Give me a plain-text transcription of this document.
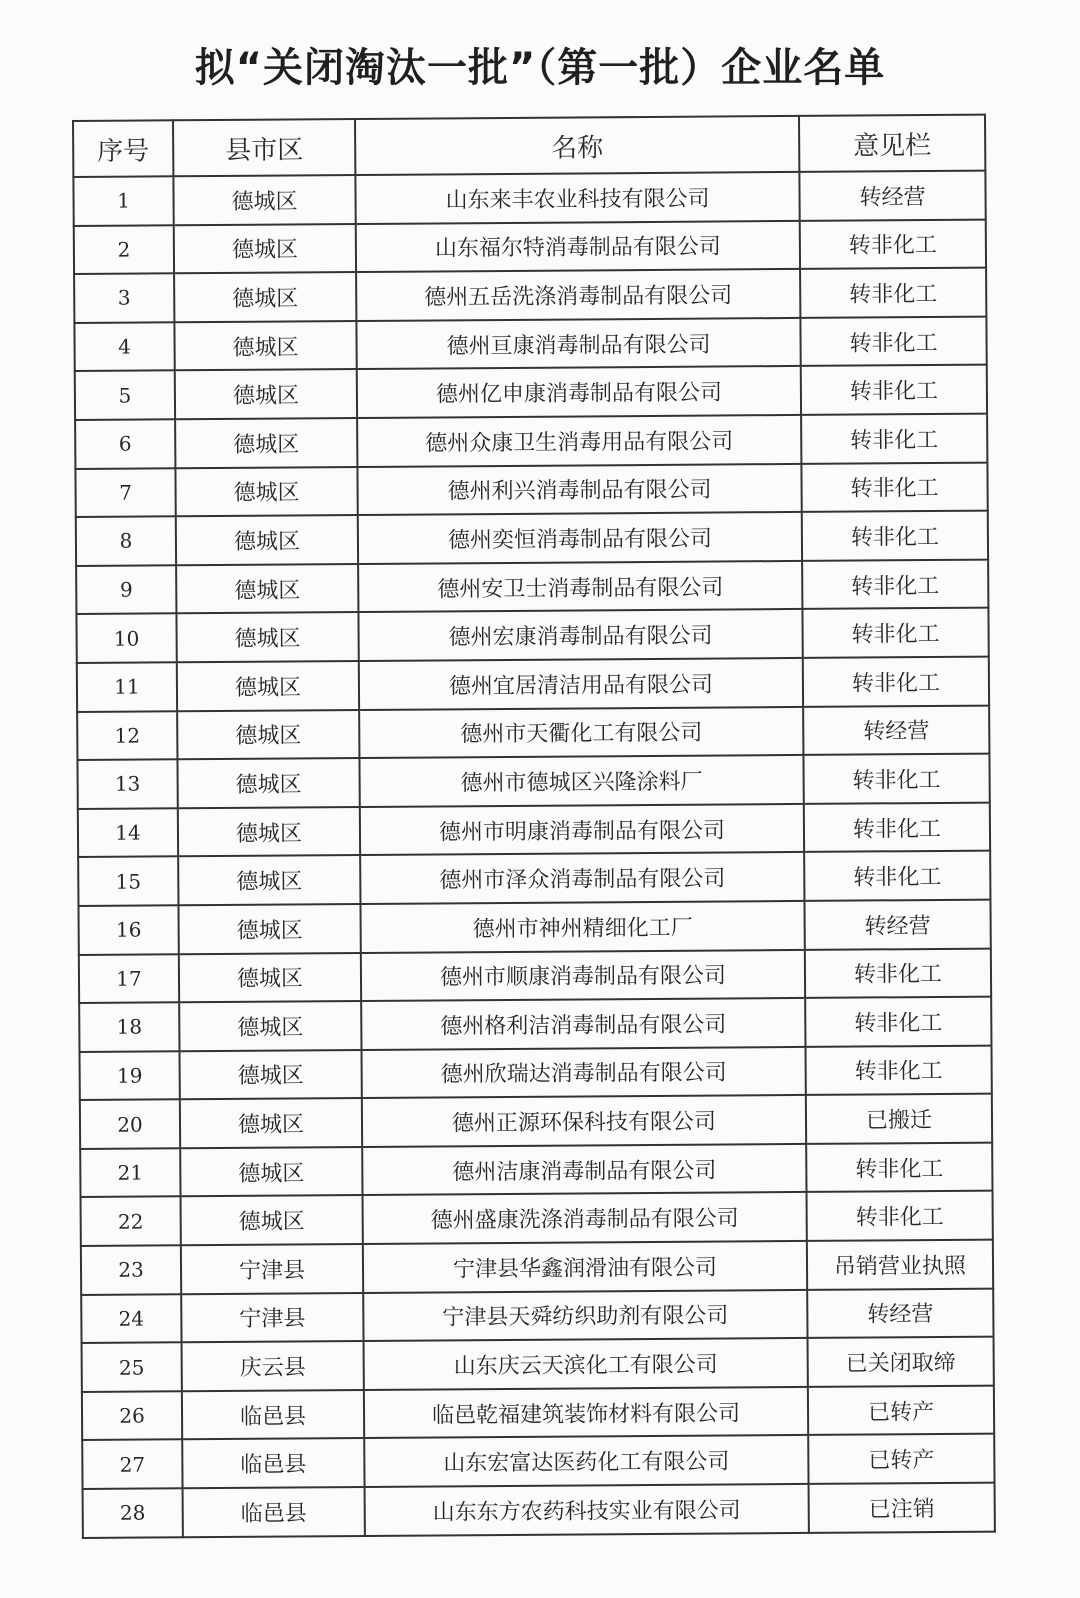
拟“关闭淘汰一批”（第一批）企业名单
序号	县市区	名称	意见栏
1	德城区	山东来丰农业科技有限公司	转经营
2	德城区	山东福尔特消毒制品有限公司	转非化工
3	德城区	德州五岳洗涤消毒制品有限公司	转非化工
4	德城区	德州亘康消毒制品有限公司	转非化工
5	德城区	德州亿申康消毒制品有限公司	转非化工
6	德城区	德州众康卫生消毒用品有限公司	转非化工
7	德城区	德州利兴消毒制品有限公司	转非化工
8	德城区	德州奕恒消毒制品有限公司	转非化工
9	德城区	德州安卫士消毒制品有限公司	转非化工
10	德城区	德州宏康消毒制品有限公司	转非化工
11	德城区	德州宜居清洁用品有限公司	转非化工
12	德城区	德州市天衢化工有限公司	转经营
13	德城区	德州市德城区兴隆涂料厂	转非化工
14	德城区	德州市明康消毒制品有限公司	转非化工
15	德城区	德州市泽众消毒制品有限公司	转非化工
16	德城区	德州市神州精细化工厂	转经营
17	德城区	德州市顺康消毒制品有限公司	转非化工
18	德城区	德州格利洁消毒制品有限公司	转非化工
19	德城区	德州欣瑞达消毒制品有限公司	转非化工
20	德城区	德州正源环保科技有限公司	已搬迁
21	德城区	德州洁康消毒制品有限公司	转非化工
22	德城区	德州盛康洗涤消毒制品有限公司	转非化工
23	宁津县	宁津县华鑫润滑油有限公司	吊销营业执照
24	宁津县	宁津县天舜纺织助剂有限公司	转经营
25	庆云县	山东庆云天滨化工有限公司	已关闭取缔
26	临邑县	临邑乾福建筑装饰材料有限公司	已转产
27	临邑县	山东宏富达医药化工有限公司	已转产
28	临邑县	山东东方农药科技实业有限公司	已注销
